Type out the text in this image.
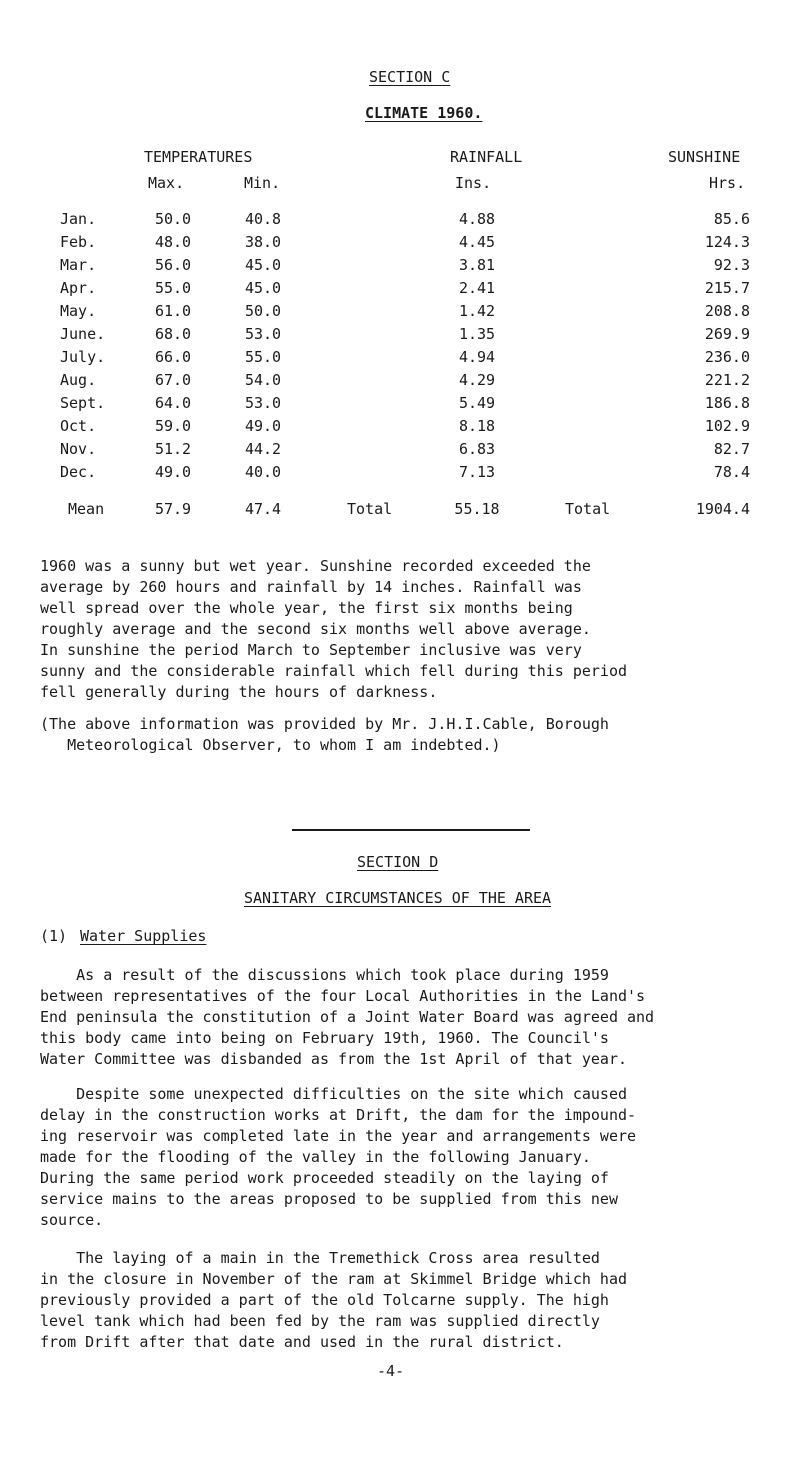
SECTION C
CLIMATE 1960.
TEMPERATURES	RAINFALL	SUNSHINE
Max.	Min.	Ins.	Hrs.
Jan.	50.0	40.8	4.88	85.6
Feb.	48.0	38.0	4.45	124.3
Mar.	56.0	45.0	3.81	92.3
Apr.	55.0	45.0	2.41	215.7
May.	61.0	50.0	1.42	208.8
June.	68.0	53.0	1.35	269.9
July.	66.0	55.0	4.94	236.0
Aug.	67.0	54.0	4.29	221.2
Sept.	64.0	53.0	5.49	186.8
Oct.	59.0	49.0	8.18	102.9
Nov.	51.2	44.2	6.83	82.7
Dec.	49.0	40.0	7.13	78.4
Mean	57.9	47.4	Total	55.18	Total	1904.4
1960 was a sunny but wet year. Sunshine recorded exceeded the
average by 260 hours and rainfall by 14 inches. Rainfall was
well spread over the whole year, the first six months being
roughly average and the second six months well above average.
In sunshine the period March to September inclusive was very
sunny and the considerable rainfall which fell during this period
fell generally during the hours of darkness.
(The above information was provided by Mr. J.H.I.Cable, Borough
Meteorological Observer, to whom I am indebted.)
SECTION D
SANITARY CIRCUMSTANCES OF THE AREA
(1) Water Supplies
As a result of the discussions which took place during 1959
between representatives of the four Local Authorities in the Land's
End peninsula the constitution of a Joint Water Board was agreed and
this body came into being on February 19th, 1960. The Council's
Water Committee was disbanded as from the 1st April of that year.
Despite some unexpected difficulties on the site which caused
delay in the construction works at Drift, the dam for the impound-
ing reservoir was completed late in the year and arrangements were
made for the flooding of the valley in the following January.
During the same period work proceeded steadily on the laying of
service mains to the areas proposed to be supplied from this new
source.
The laying of a main in the Tremethick Cross area resulted
in the closure in November of the ram at Skimmel Bridge which had
previously provided a part of the old Tolcarne supply. The high
level tank which had been fed by the ram was supplied directly
from Drift after that date and used in the rural district.
-4-
